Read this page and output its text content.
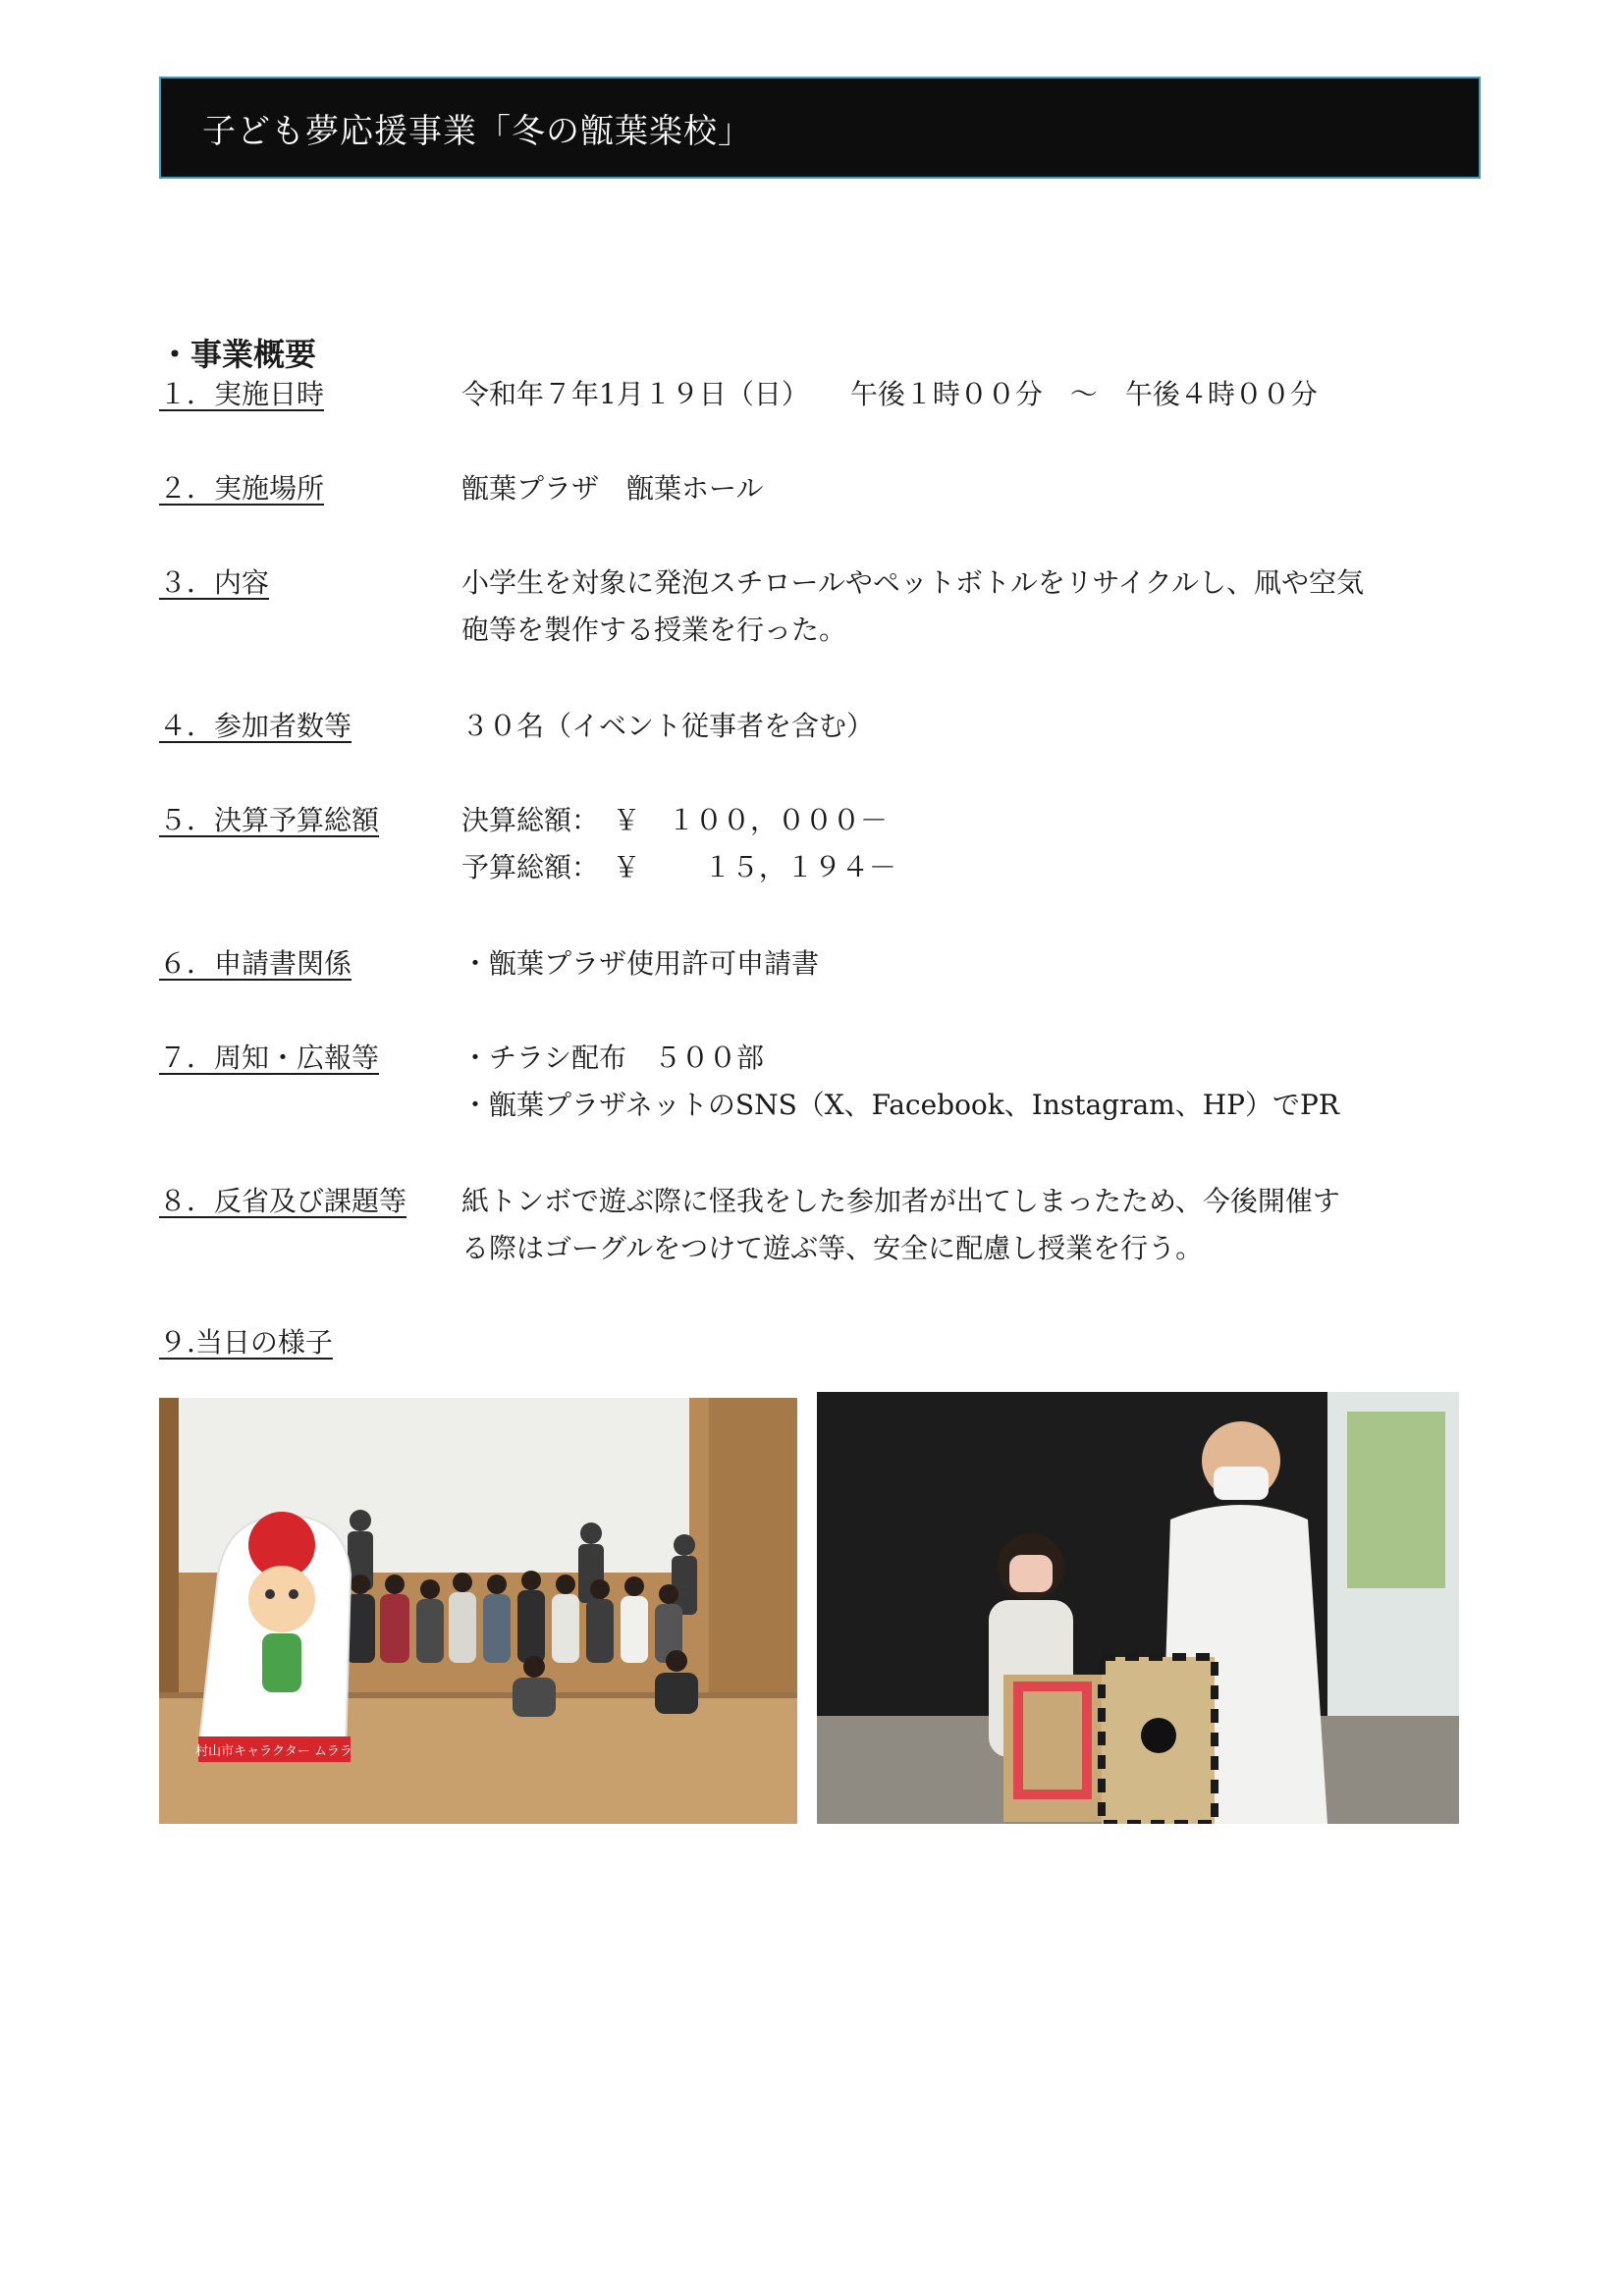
子ども夢応援事業「冬の甑葉楽校」
・事業概要
１．実施日時	令和年７年1月１９日（日）　　午後１時００分　～　午後４時００分
２．実施場所	甑葉プラザ　甑葉ホール
３．内容	小学生を対象に発泡スチロールやペットボトルをリサイクルし、凧や空気
砲等を製作する授業を行った。
４．参加者数等	３０名（イベント従事者を含む）
５．決算予算総額	決算総額：　￥　１００，０００－
予算総額：　￥　　 １５，１９４－
６．申請書関係	・甑葉プラザ使用許可申請書
７．周知・広報等	・チラシ配布　５００部
・甑葉プラザネットのSNS（X、Facebook、Instagram、HP）でPR
８．反省及び課題等 紙トンボで遊ぶ際に怪我をした参加者が出てしまったため、今後開催す
る際はゴーグルをつけて遊ぶ等、安全に配慮し授業を行う。
９.当日の様子
村山市キャラクター ムララ
